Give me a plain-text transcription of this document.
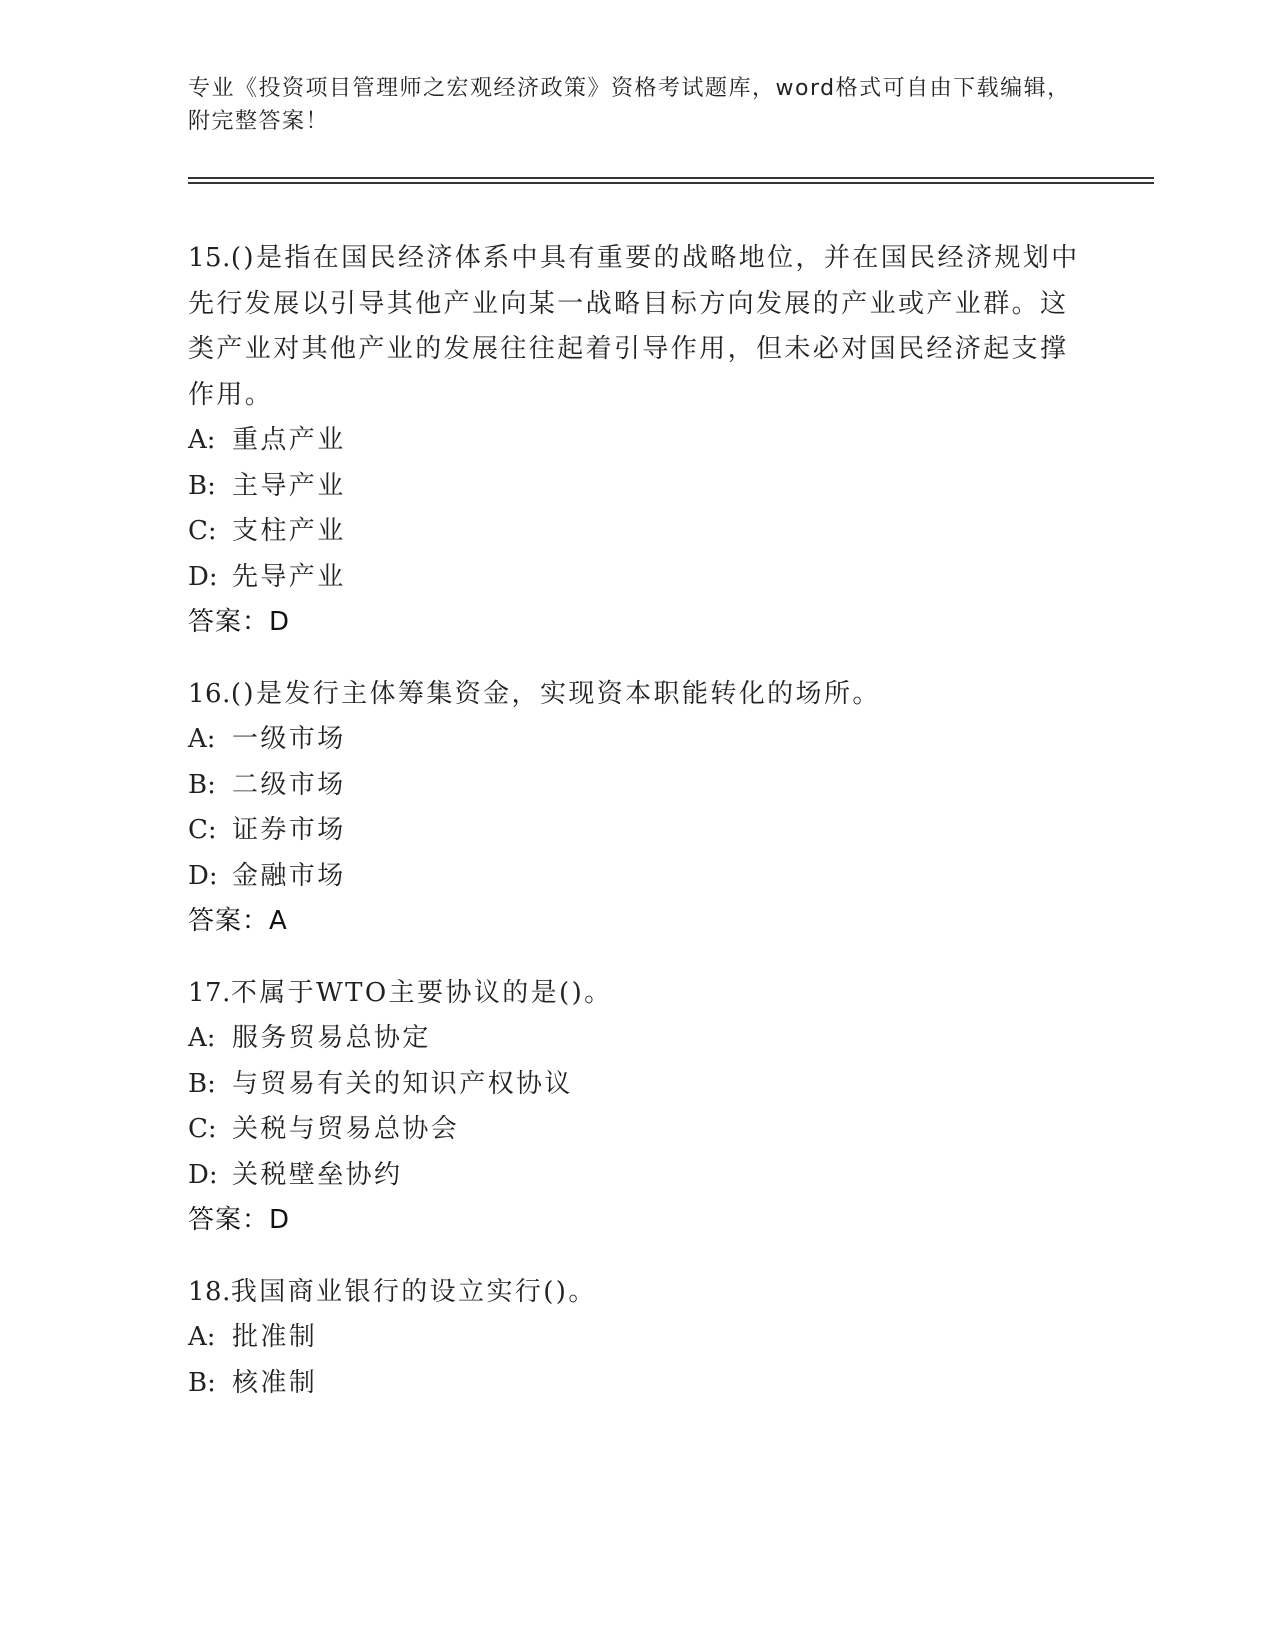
专业《投资项目管理师之宏观经济政策》资格考试题库，word格式可自由下载编辑，附完整答案！

15.()是指在国民经济体系中具有重要的战略地位，并在国民经济规划中先行发展以引导其他产业向某一战略目标方向发展的产业或产业群。这类产业对其他产业的发展往往起着引导作用，但未必对国民经济起支撑作用。

A: 重点产业
B: 主导产业
C: 支柱产业
D: 先导产业
答案：D

16.()是发行主体筹集资金，实现资本职能转化的场所。

A: 一级市场
B: 二级市场
C: 证券市场
D: 金融市场
答案：A

17.不属于WTO主要协议的是()。

A: 服务贸易总协定
B: 与贸易有关的知识产权协议
C: 关税与贸易总协会
D: 关税壁垒协约
答案：D

18.我国商业银行的设立实行()。

A: 批准制
B: 核准制
